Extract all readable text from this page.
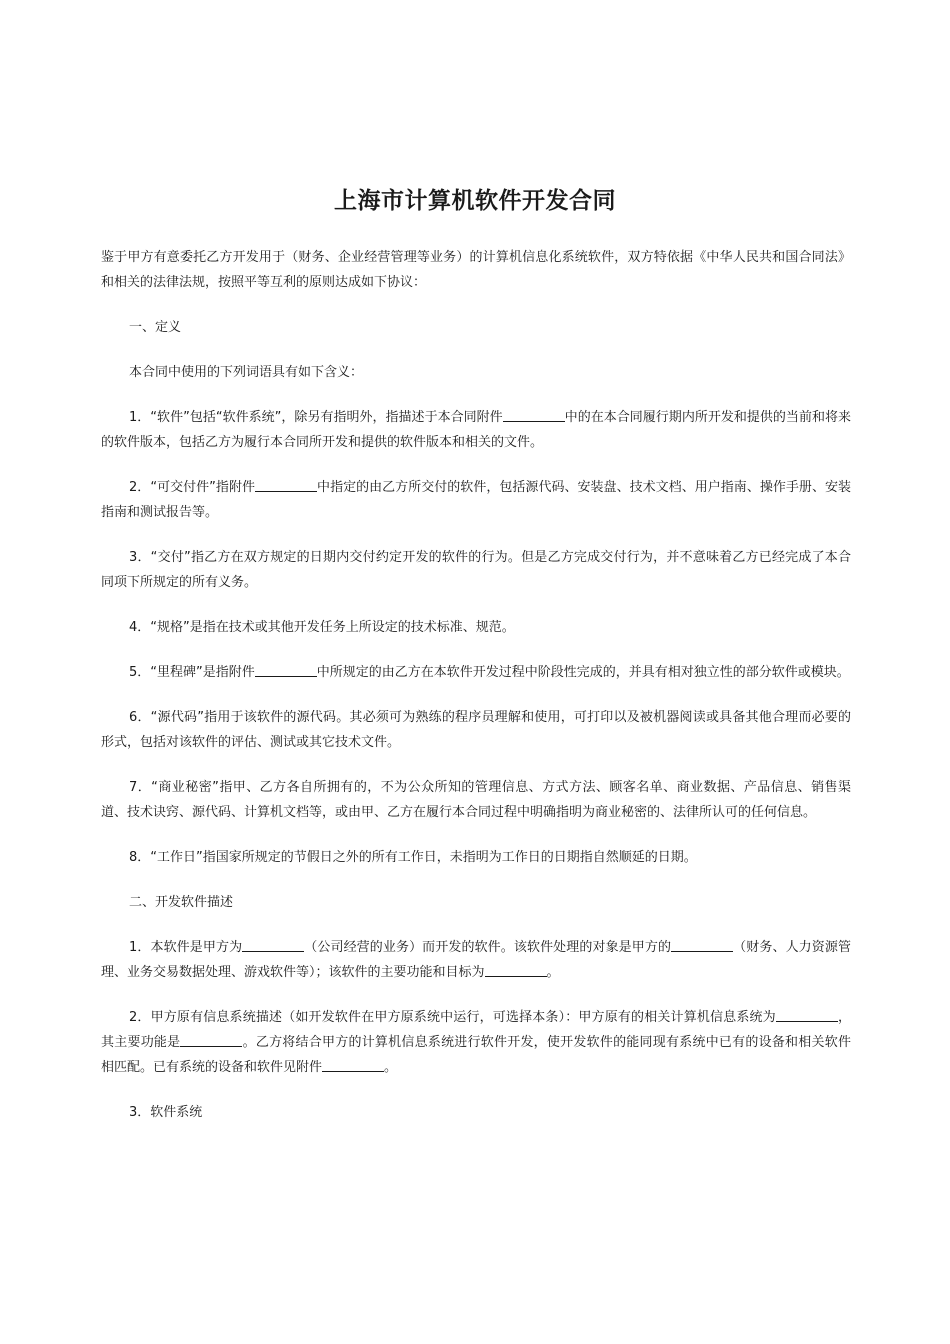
上海市计算机软件开发合同

鉴于甲方有意委托乙方开发用于（财务、企业经营管理等业务）的计算机信息化系统软件，双方特依据《中华人民共和国合同法》和相关的法律法规，按照平等互利的原则达成如下协议：

一、定义

本合同中使用的下列词语具有如下含义：

1．“软件”包括“软件系统”，除另有指明外，指描述于本合同附件	中的在本合同履行期内所开发和提供的当前和将来的软件版本，包括乙方为履行本合同所开发和提供的软件版本和相关的文件。

2．“可交付件”指附件	中指定的由乙方所交付的软件，包括源代码、安装盘、技术文档、用户指南、操作手册、安装指南和测试报告等。

3．“交付”指乙方在双方规定的日期内交付约定开发的软件的行为。但是乙方完成交付行为，并不意味着乙方已经完成了本合同项下所规定的所有义务。

4．“规格”是指在技术或其他开发任务上所设定的技术标准、规范。

5．“里程碑”是指附件	中所规定的由乙方在本软件开发过程中阶段性完成的，并具有相对独立性的部分软件或模块。

6．“源代码”指用于该软件的源代码。其必须可为熟练的程序员理解和使用，可打印以及被机器阅读或具备其他合理而必要的形式，包括对该软件的评估、测试或其它技术文件。

7．“商业秘密”指甲、乙方各自所拥有的，不为公众所知的管理信息、方式方法、顾客名单、商业数据、产品信息、销售渠道、技术诀窍、源代码、计算机文档等，或由甲、乙方在履行本合同过程中明确指明为商业秘密的、法律所认可的任何信息。

8．“工作日”指国家所规定的节假日之外的所有工作日，未指明为工作日的日期指自然顺延的日期。

二、开发软件描述

1．本软件是甲方为	（公司经营的业务）而开发的软件。该软件处理的对象是甲方的	（财务、人力资源管理、业务交易数据处理、游戏软件等）；该软件的主要功能和目标为	。

2．甲方原有信息系统描述（如开发软件在甲方原系统中运行，可选择本条）：甲方原有的相关计算机信息系统为	，其主要功能是	。乙方将结合甲方的计算机信息系统进行软件开发，使开发软件的能同现有系统中已有的设备和相关软件相匹配。已有系统的设备和软件见附件	。

3．软件系统
